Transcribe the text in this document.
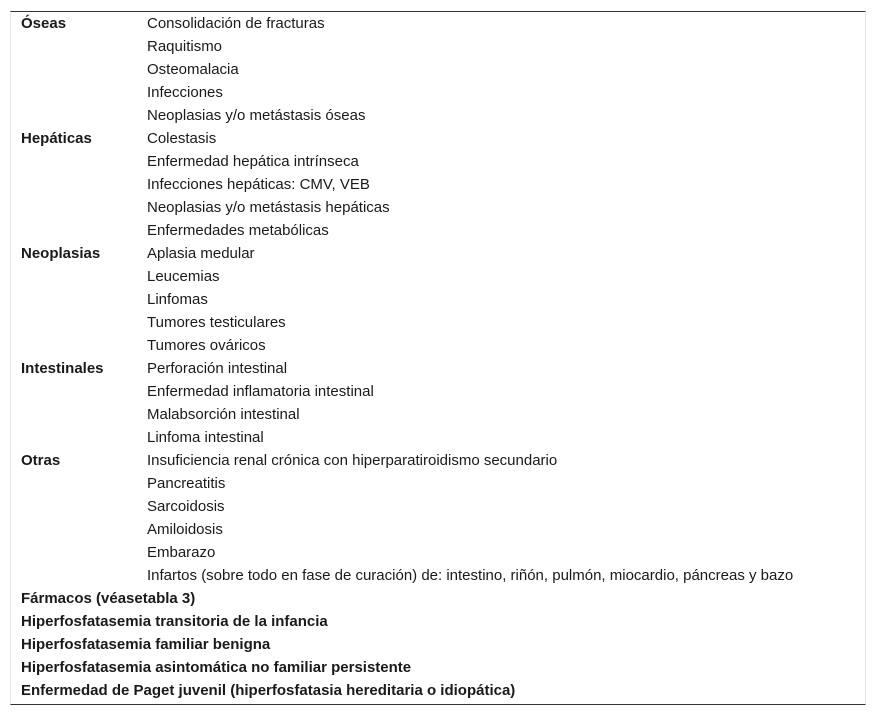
Óseas	Consolidación de fracturas
Raquitismo
Osteomalacia
Infecciones
Neoplasias y/o metástasis óseas
Hepáticas	Colestasis
Enfermedad hepática intrínseca
Infecciones hepáticas: CMV, VEB
Neoplasias y/o metástasis hepáticas
Enfermedades metabólicas
Neoplasias	Aplasia medular
Leucemias
Linfomas
Tumores testiculares
Tumores ováricos
Intestinales	Perforación intestinal
Enfermedad inflamatoria intestinal
Malabsorción intestinal
Linfoma intestinal
Otras	Insuficiencia renal crónica con hiperparatiroidismo secundario
Pancreatitis
Sarcoidosis
Amiloidosis
Embarazo
Infartos (sobre todo en fase de curación) de: intestino, riñón, pulmón, miocardio, páncreas y bazo
Fármacos (véasetabla 3)
Hiperfosfatasemia transitoria de la infancia
Hiperfosfatasemia familiar benigna
Hiperfosfatasemia asintomática no familiar persistente
Enfermedad de Paget juvenil (hiperfosfatasia hereditaria o idiopática)
